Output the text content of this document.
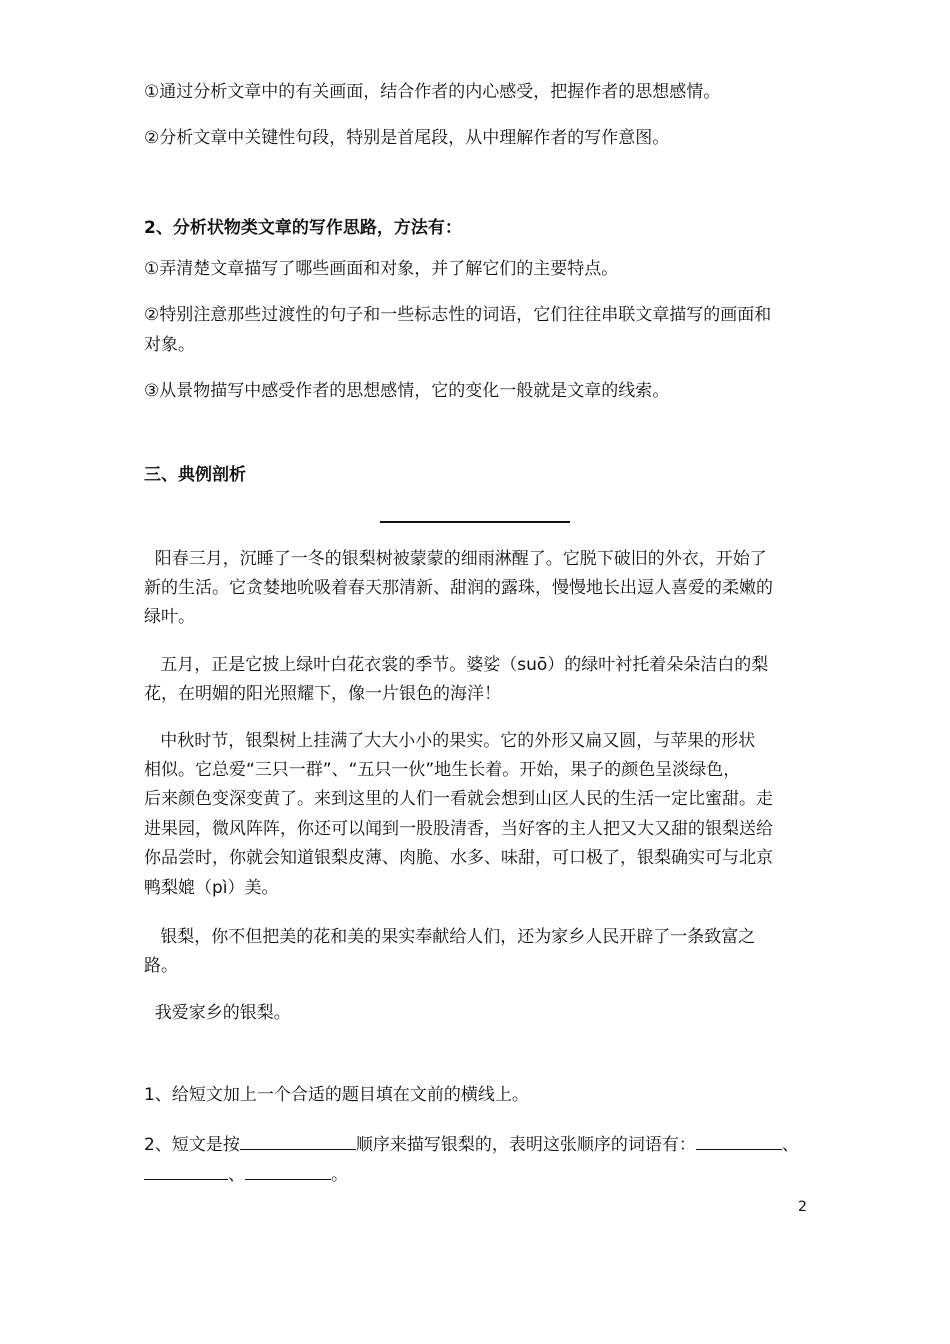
①通过分析文章中的有关画面，结合作者的内心感受，把握作者的思想感情。
②分析文章中关键性句段，特别是首尾段，从中理解作者的写作意图。
2、分析状物类文章的写作思路，方法有：
①弄清楚文章描写了哪些画面和对象，并了解它们的主要特点。
②特别注意那些过渡性的句子和一些标志性的词语，它们往往串联文章描写的画面和
对象。
③从景物描写中感受作者的思想感情，它的变化一般就是文章的线索。
三、典例剖析
阳春三月，沉睡了一冬的银梨树被蒙蒙的细雨淋醒了。它脱下破旧的外衣，开始了
新的生活。它贪婪地吮吸着春天那清新、甜润的露珠，慢慢地长出逗人喜爱的柔嫩的
绿叶。
五月，正是它披上绿叶白花衣裳的季节。婆娑（suō）的绿叶衬托着朵朵洁白的梨
花，在明媚的阳光照耀下，像一片银色的海洋！
中秋时节，银梨树上挂满了大大小小的果实。它的外形又扁又圆，与苹果的形状
相似。它总爱“三只一群”、“五只一伙”地生长着。开始，果子的颜色呈淡绿色，
后来颜色变深变黄了。来到这里的人们一看就会想到山区人民的生活一定比蜜甜。走
进果园，微风阵阵，你还可以闻到一股股清香，当好客的主人把又大又甜的银梨送给
你品尝时，你就会知道银梨皮薄、肉脆、水多、味甜，可口极了，银梨确实可与北京
鸭梨媲（pì）美。
银梨，你不但把美的花和美的果实奉献给人们，还为家乡人民开辟了一条致富之
路。
我爱家乡的银梨。
1、给短文加上一个合适的题目填在文前的横线上。
2、短文是按	顺序来描写银梨的，表明这张顺序的词语有：	、
、	。
2
